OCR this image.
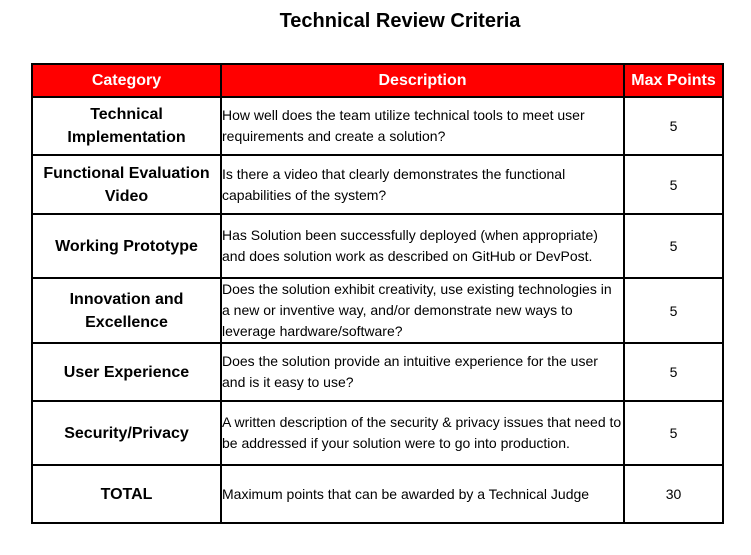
Technical Review Criteria
Category	Description	Max Points
Technical Implementation	How well does the team utilize technical tools to meet user requirements and create a solution?	5
Functional Evaluation Video	Is there a video that clearly demonstrates the functional capabilities of the system?	5
Working Prototype	Has Solution been successfully deployed (when appropriate) and does solution work as described on GitHub or DevPost.	5
Innovation and Excellence	Does the solution exhibit creativity, use existing technologies in a new or inventive way, and/or demonstrate new ways to leverage hardware/software?	5
User Experience	Does the solution provide an intuitive experience for the user and is it easy to use?	5
Security/Privacy	A written description of the security & privacy issues that need to be addressed if your solution were to go into production.	5
TOTAL	Maximum points that can be awarded by a Technical Judge	30
